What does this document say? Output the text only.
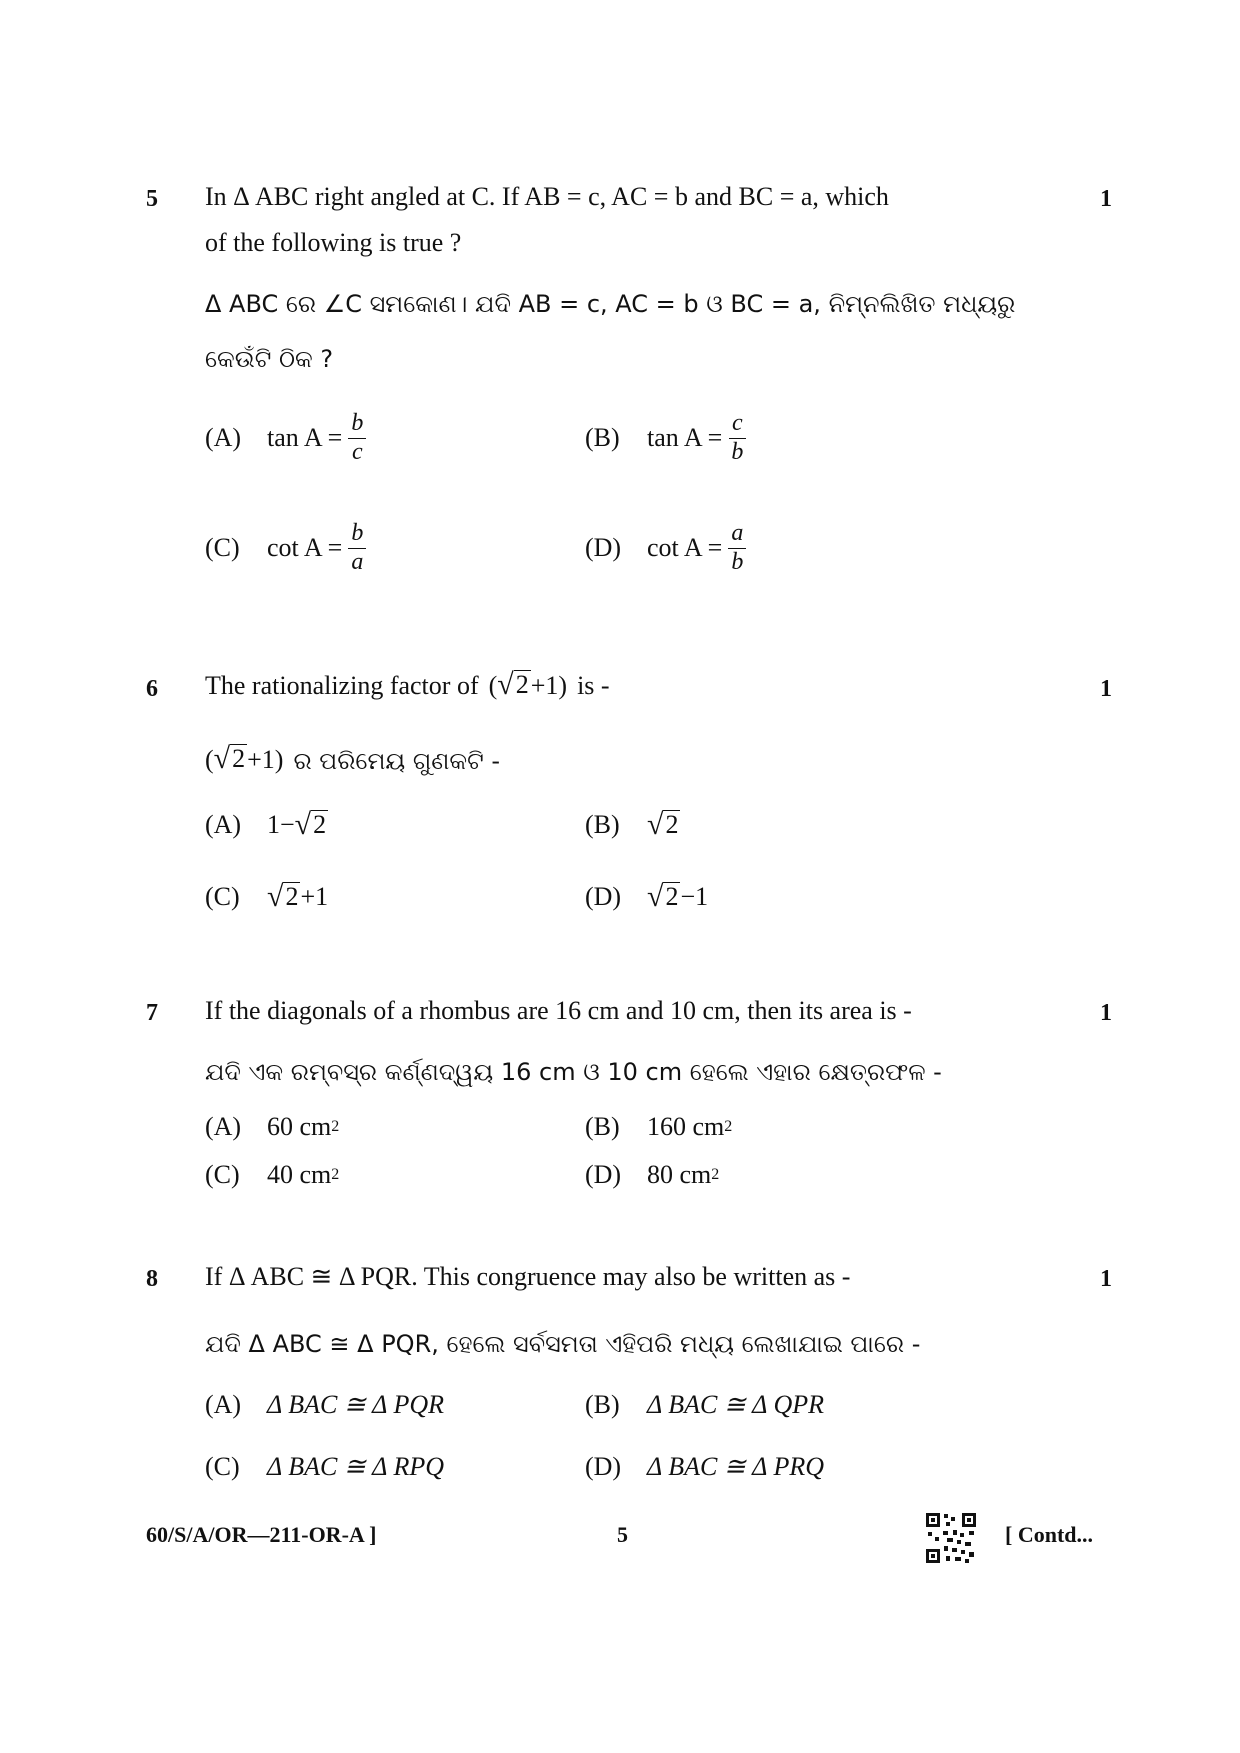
5	1
In Δ ABC right angled at C. If AB = c, AC = b and BC = a, which
of the following is true ?
Δ ABC ରେ ∠C ସମକୋଣ। ଯଦି AB = c, AC = b ଓ BC = a, ନିମ୍ନଲିଖିତ ମଧ୍ୟରୁ
କେଉଁଟି ଠିକ ?
(A) $\tan A = \frac{b}{c}$	(B)	$\tan A = \frac{c}{b}$
(C)	$\cot A = \frac{b}{a}$	(D) $\cot A = \frac{a}{b}$
6	1
The rationalizing factor of ( √ 2 +1) is -
( √ 2 +1) ର ପରିମେୟ ଗୁଣକଟି -
(A) 1− √ 2	(B) √ 2
(C) √ 2 +1	(D) √ 2 −1
7	1
If the diagonals of a rhombus are 16 cm and 10 cm, then its area is -
ଯଦି ଏକ ରମ୍ବସ୍‌ର କର୍ଣ୍ଣଦ୍ୱୟ 16 cm ଓ 10 cm ହେଲେ ଏହାର କ୍ଷେତ୍ରଫଳ -
(A) 60 cm 2	(B)	160 cm 2
(C)	40 cm 2	(D) 80 cm 2
8	1
If Δ ABC ≅ Δ PQR. This congruence may also be written as -
ଯଦି Δ ABC ≅ Δ PQR, ହେଲେ ସର୍ବସମତା ଏହିପରି ମଧ୍ୟ ଲେଖାଯାଇ ପାରେ -
(A) Δ BAC ≅ Δ PQR	(B)	Δ BAC ≅ Δ QPR
(C)	Δ BAC ≅ Δ RPQ	(D) Δ BAC ≅ Δ PRQ
60/S/A/OR—211-OR-A ]	5	[ Contd...
